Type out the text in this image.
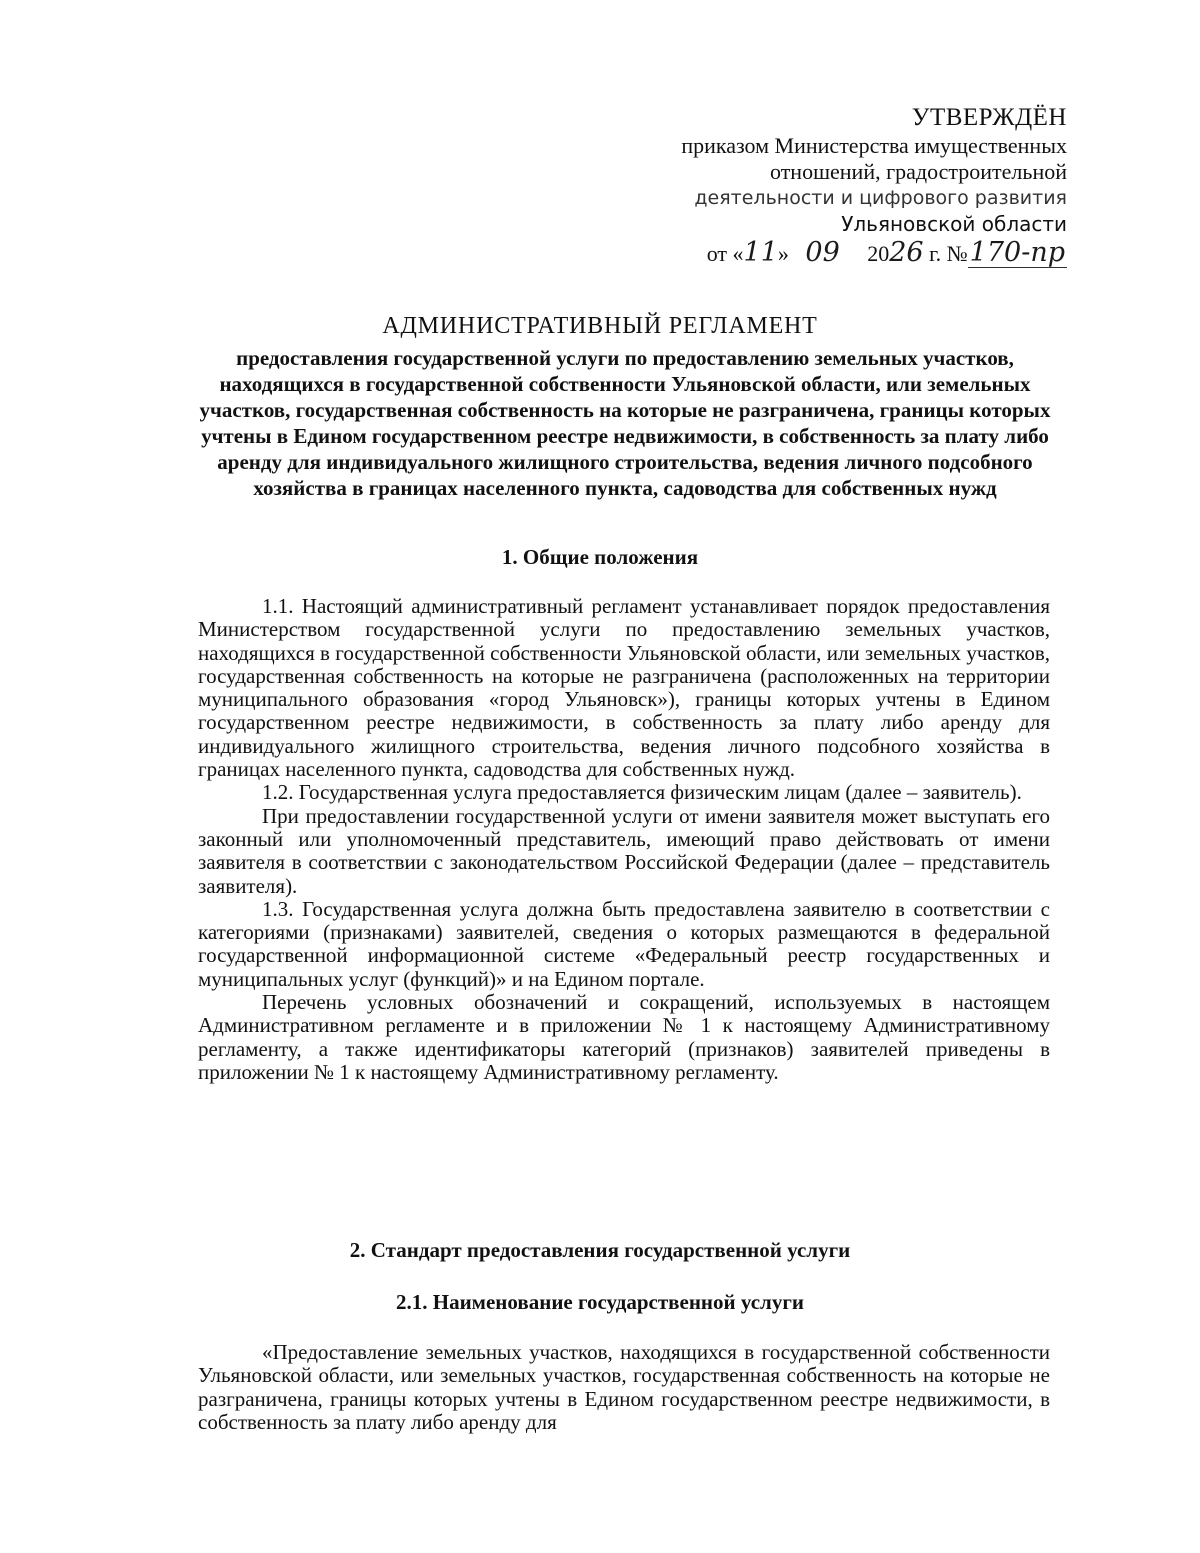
УТВЕРЖДЁН
приказом Министерства имущественных
отношений, градостроительной
деятельности и цифрового развития
Ульяновской области
от «11» 09 2026 г. №170-пр
АДМИНИСТРАТИВНЫЙ РЕГЛАМЕНТ
предоставления государственной услуги по предоставлению земельных участков, находящихся в государственной собственности Ульяновской области, или земельных участков, государственная собственность на которые не разграничена, границы которых учтены в Едином государственном реестре недвижимости, в собственность за плату либо аренду для индивидуального жилищного строительства, ведения личного подсобного хозяйства в границах населенного пункта, садоводства для собственных нужд
1. Общие положения

1.1. Настоящий административный регламент устанавливает порядок предоставления Министерством государственной услуги по предоставлению земельных участков, находящихся в государственной собственности Ульяновской области, или земельных участков, государственная собственность на которые не разграничена (расположенных на территории муниципального образования «город Ульяновск»), границы которых учтены в Едином государственном реестре недвижимости, в собственность за плату либо аренду для индивидуального жилищного строительства, ведения личного подсобного хозяйства в границах населенного пункта, садоводства для собственных нужд.

1.2. Государственная услуга предоставляется физическим лицам (далее – заявитель).

При предоставлении государственной услуги от имени заявителя может выступать его законный или уполномоченный представитель, имеющий право действовать от имени заявителя в соответствии с законодательством Российской Федерации (далее – представитель заявителя).

1.3. Государственная услуга должна быть предоставлена заявителю в соответствии с категориями (признаками) заявителей, сведения о которых размещаются в федеральной государственной информационной системе «Федеральный реестр государственных и муниципальных услуг (функций)» и на Едином портале.

Перечень условных обозначений и сокращений, используемых в настоящем Административном регламенте и в приложении № 1 к настоящему Административному регламенту, а также идентификаторы категорий (признаков) заявителей приведены в приложении № 1 к настоящему Административному регламенту.

2. Стандарт предоставления государственной услуги
2.1. Наименование государственной услуги

«Предоставление земельных участков, находящихся в государственной собственности Ульяновской области, или земельных участков, государственная собственность на которые не разграничена, границы которых учтены в Едином государственном реестре недвижимости, в собственность за плату либо аренду для
